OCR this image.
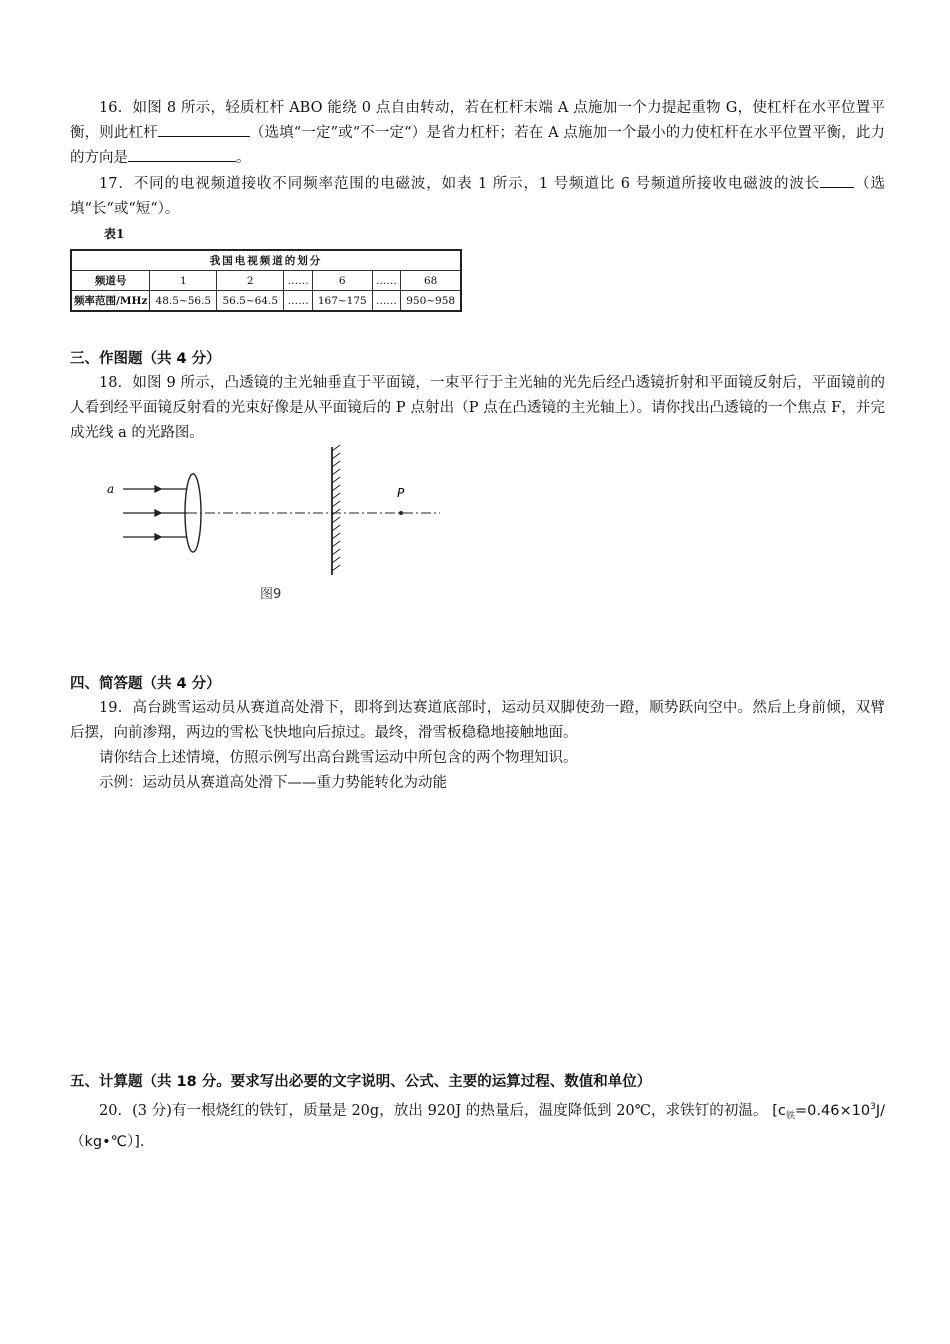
16．如图 8 所示，轻质杠杆 ABO 能绕 0 点自由转动，若在杠杆末端 A 点施加一个力提起重物 G，使杠杆在水平位置平衡，则此杠杆	（选填“一定”或“不一定“）是省力杠杆；若在 A 点施加一个最小的力使杠杆在水平位置平衡，此力的方向是	。
17．不同的电视频道接收不同频率范围的电磁波，如表 1 所示，1 号频道比 6 号频道所接收电磁波的波长 （选填“长“或“短“）。
表1
我国电视频道的划分						
频道号	1	2	……	6	……	68
频率范围/MHz	48.5~56.5	56.5~64.5	……	167~175	……	950~958
三、作图题（共 4 分）
18．如图 9 所示，凸透镜的主光轴垂直于平面镜，一束平行于主光轴的光先后经凸透镜折射和平面镜反射后，平面镜前的人看到经平面镜反射看的光束好像是从平面镜后的 P 点射出（P 点在凸透镜的主光轴上）。请你找出凸透镜的一个焦点 F，并完成光线 a 的光路图。
a	P
图9
四、简答题（共 4 分）
19．高台跳雪运动员从赛道高处滑下，即将到达赛道底部时，运动员双脚使劲一蹬，顺势跃向空中。然后上身前倾，双臂后摆，向前渗翔，两边的雪松飞快地向后掠过。最终，滑雪板稳稳地接触地面。
请你结合上述情境，仿照示例写出高台跳雪运动中所包含的两个物理知识。
示例：运动员从赛道高处滑下——重力势能转化为动能
五、计算题（共 18 分。要求写出必要的文字说明、公式、主要的运算过程、数值和单位）
20．(3 分)有一根烧红的铁钉，质量是 20g，放出 920J 的热量后，温度降低到 20℃，求铁钉的初温。 $[c_铁=0.46\times 10^3J/(kg•℃)]$.
